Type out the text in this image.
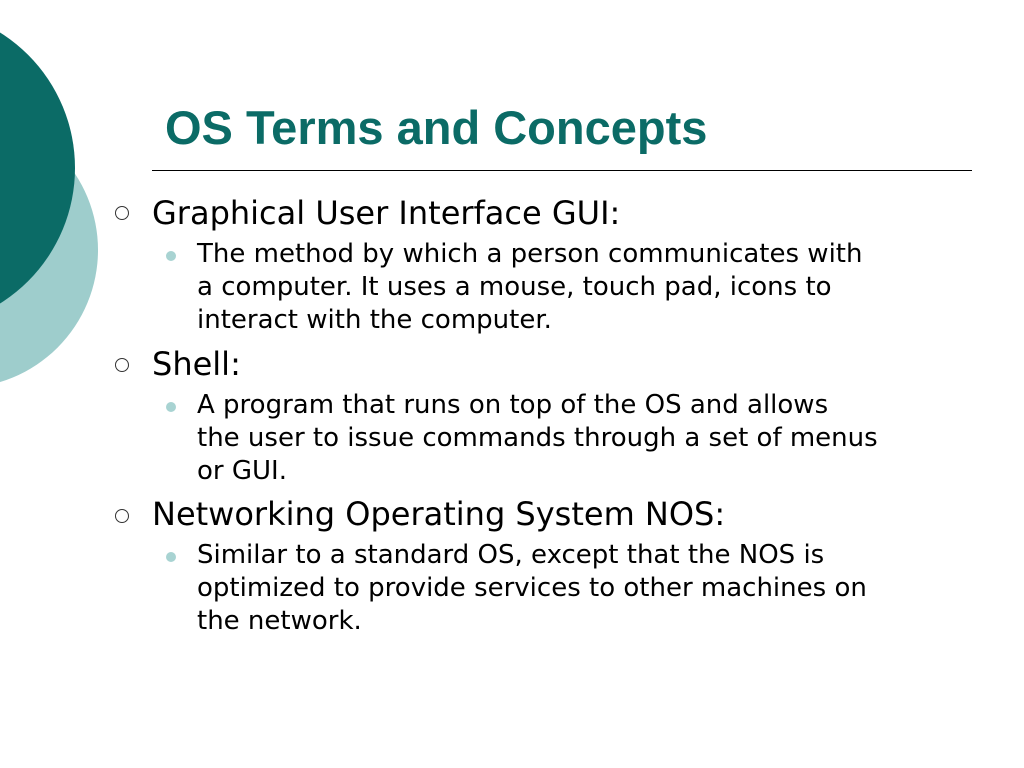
OS Terms and Concepts
Graphical User Interface GUI:
The method by which a person communicates with
a computer. It uses a mouse, touch pad, icons to
interact with the computer.
Shell:
A program that runs on top of the OS and allows
the user to issue commands through a set of menus
or GUI.
Networking Operating System NOS:
Similar to a standard OS, except that the NOS is
optimized to provide services to other machines on
the network.
